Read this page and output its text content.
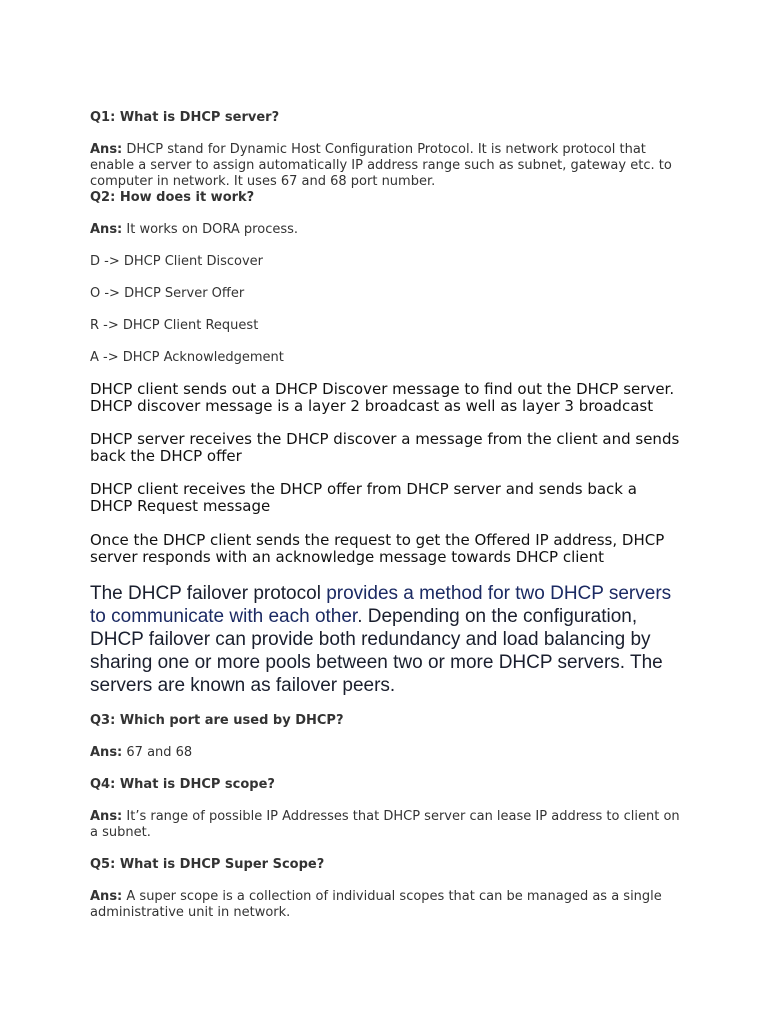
Q1: What is DHCP server?

Ans: DHCP stand for Dynamic Host Configuration Protocol. It is network protocol that enable a server to assign automatically IP address range such as subnet, gateway etc. to computer in network. It uses 67 and 68 port number.

Q2: How does it work?

Ans: It works on DORA process.

D -> DHCP Client Discover

O -> DHCP Server Offer

R -> DHCP Client Request

A -> DHCP Acknowledgement

DHCP client sends out a DHCP Discover message to find out the DHCP server. DHCP discover message is a layer 2 broadcast as well as layer 3 broadcast

DHCP server receives the DHCP discover a message from the client and sends back the DHCP offer

DHCP client receives the DHCP offer from DHCP server and sends back a DHCP Request message

Once the DHCP client sends the request to get the Offered IP address, DHCP server responds with an acknowledge message towards DHCP client

The DHCP failover protocol provides a method for two DHCP servers to communicate with each other. Depending on the configuration, DHCP failover can provide both redundancy and load balancing by sharing one or more pools between two or more DHCP servers. The servers are known as failover peers.

Q3: Which port are used by DHCP?

Ans: 67 and 68

Q4: What is DHCP scope?

Ans: It’s range of possible IP Addresses that DHCP server can lease IP address to client on a subnet.

Q5: What is DHCP Super Scope?

Ans: A super scope is a collection of individual scopes that can be managed as a single administrative unit in network.
